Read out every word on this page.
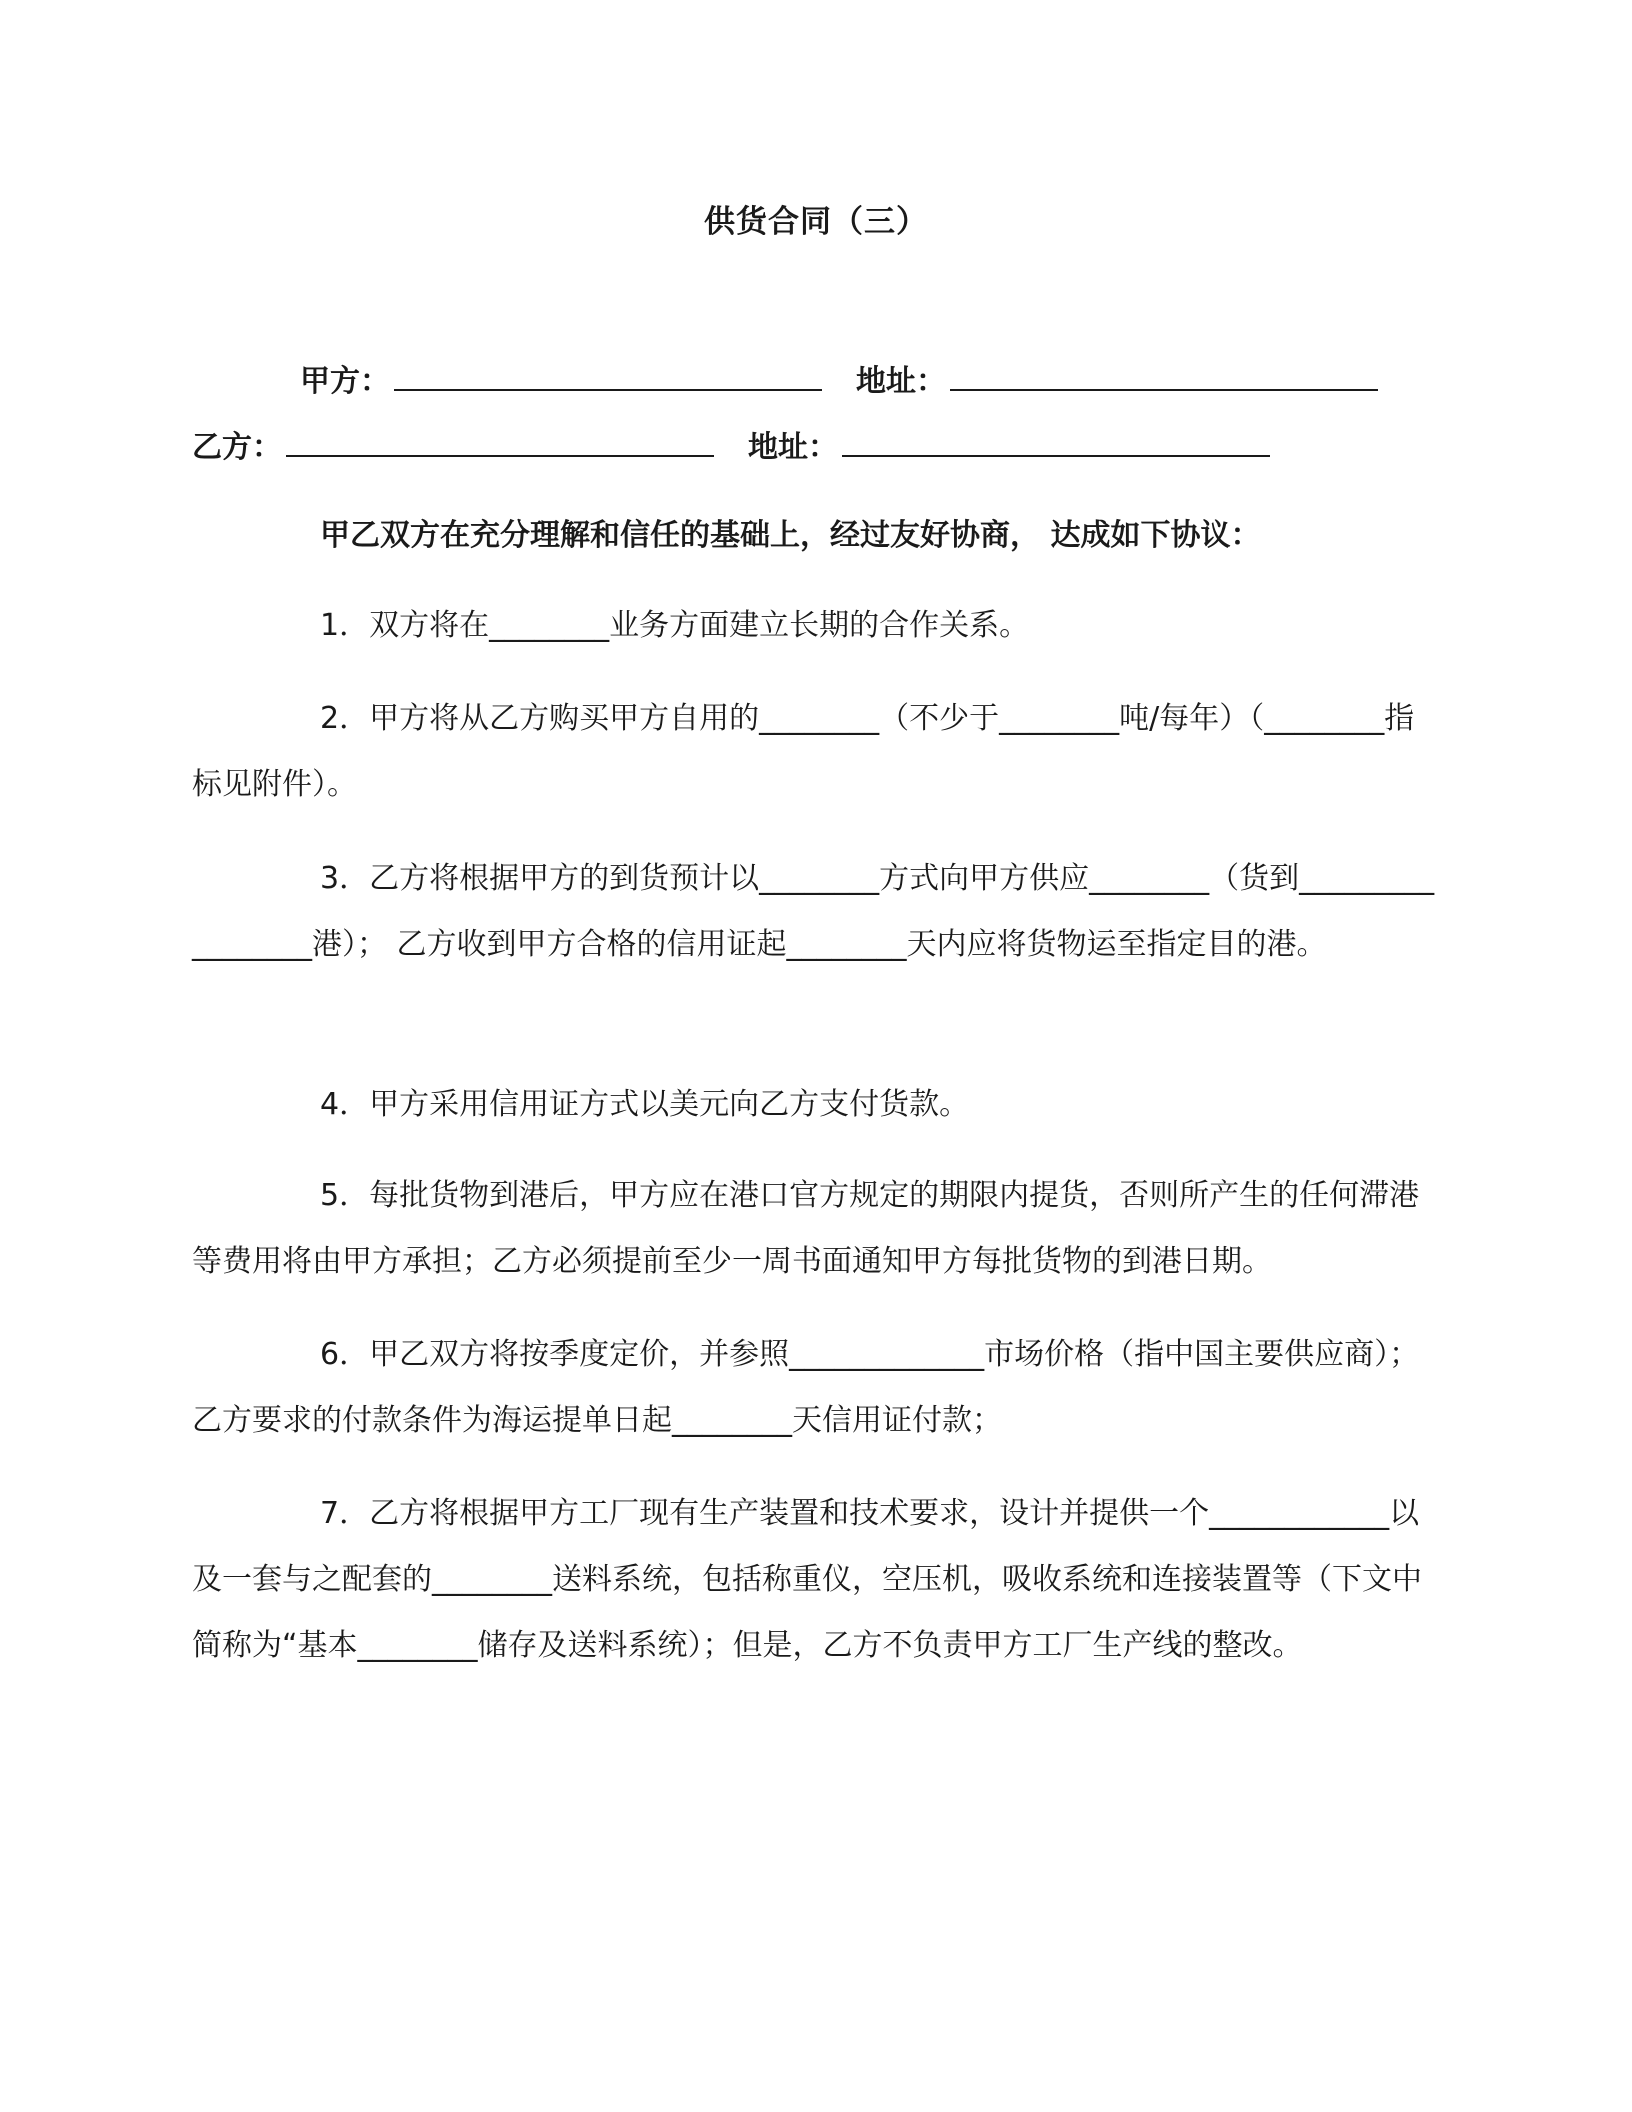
供货合同（三）
甲方：	地址：
乙方：	地址：
甲乙双方在充分理解和信任的基础上，经过友好协商， 达成如下协议：
1．双方将在________业务方面建立长期的合作关系。
2．甲方将从乙方购买甲方自用的________（不少于________吨/每年）（________指标见附件）。
3．乙方将根据甲方的到货预计以________方式向甲方供应________（货到_________________港）； 乙方收到甲方合格的信用证起________天内应将货物运至指定目的港。
4．甲方采用信用证方式以美元向乙方支付货款。
5．每批货物到港后，甲方应在港口官方规定的期限内提货，否则所产生的任何滞港等费用将由甲方承担；乙方必须提前至少一周书面通知甲方每批货物的到港日期。
6．甲乙双方将按季度定价，并参照_____________市场价格（指中国主要供应商）；乙方要求的付款条件为海运提单日起________天信用证付款；
7．乙方将根据甲方工厂现有生产装置和技术要求，设计并提供一个____________以及一套与之配套的________送料系统，包括称重仪，空压机，吸收系统和连接装置等（下文中简称为“基本________储存及送料系统）；但是，乙方不负责甲方工厂生产线的整改。
